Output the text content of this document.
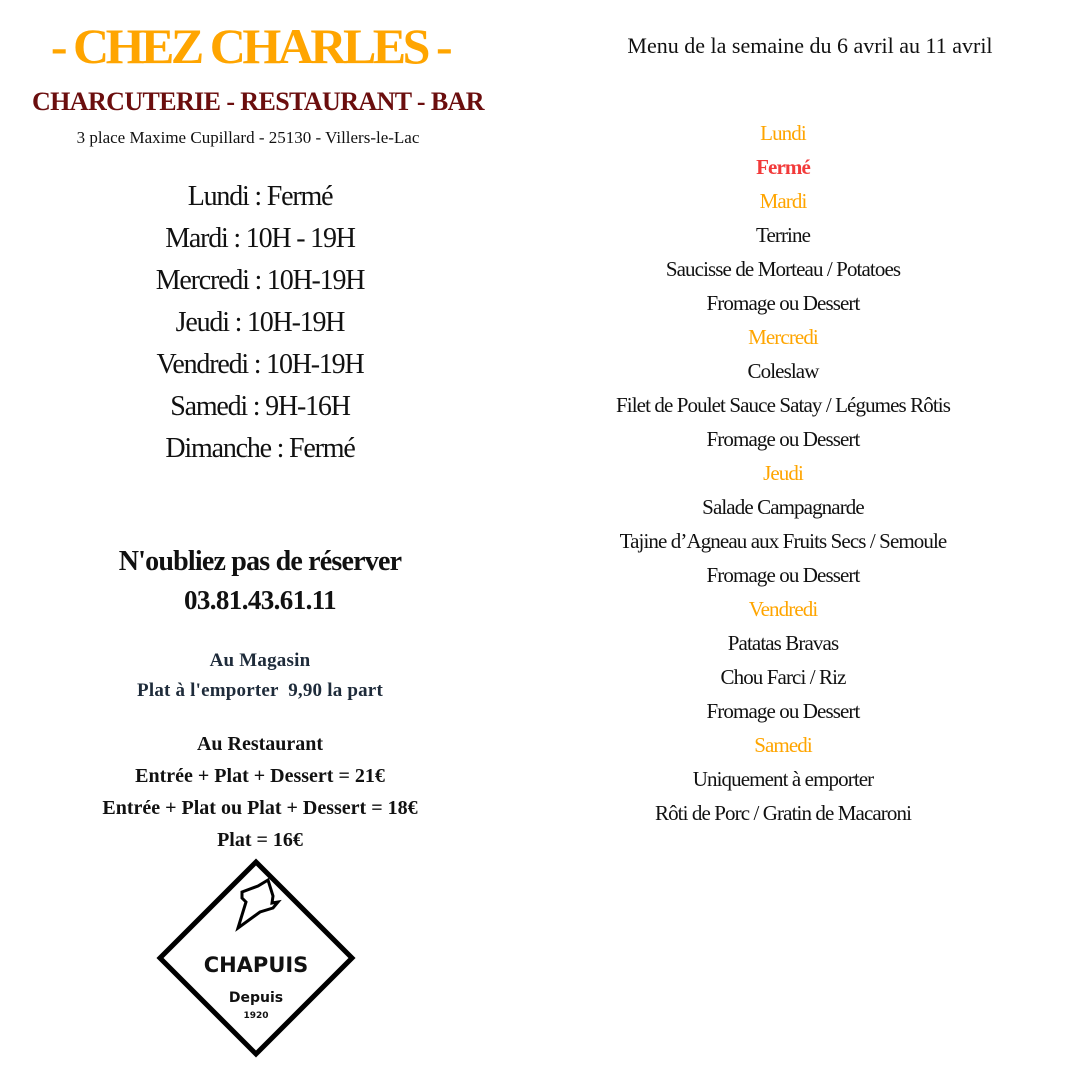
- CHEZ CHARLES -
CHARCUTERIE - RESTAURANT - BAR
3 place Maxime Cupillard - 25130 - Villers-le-Lac
Lundi : Fermé
Mardi : 10H - 19H
Mercredi : 10H-19H
Jeudi : 10H-19H
Vendredi : 10H-19H
Samedi : 9H-16H
Dimanche : Fermé
N'oubliez pas de réserver
03.81.43.61.11
Au Magasin
Plat à l'emporter  9,90 la part
Au Restaurant
Entrée + Plat + Dessert = 21€
Entrée + Plat ou Plat + Dessert = 18€
Plat = 16€
CHAPUIS
Depuis
1920
Menu de la semaine du 6 avril au 11 avril
Lundi
Fermé
Mardi
Terrine
Saucisse de Morteau / Potatoes
Fromage ou Dessert
Mercredi
Coleslaw
Filet de Poulet Sauce Satay / Légumes Rôtis
Fromage ou Dessert
Jeudi
Salade Campagnarde
Tajine d’Agneau aux Fruits Secs / Semoule
Fromage ou Dessert
Vendredi
Patatas Bravas
Chou Farci / Riz
Fromage ou Dessert
Samedi
Uniquement à emporter
Rôti de Porc / Gratin de Macaroni
